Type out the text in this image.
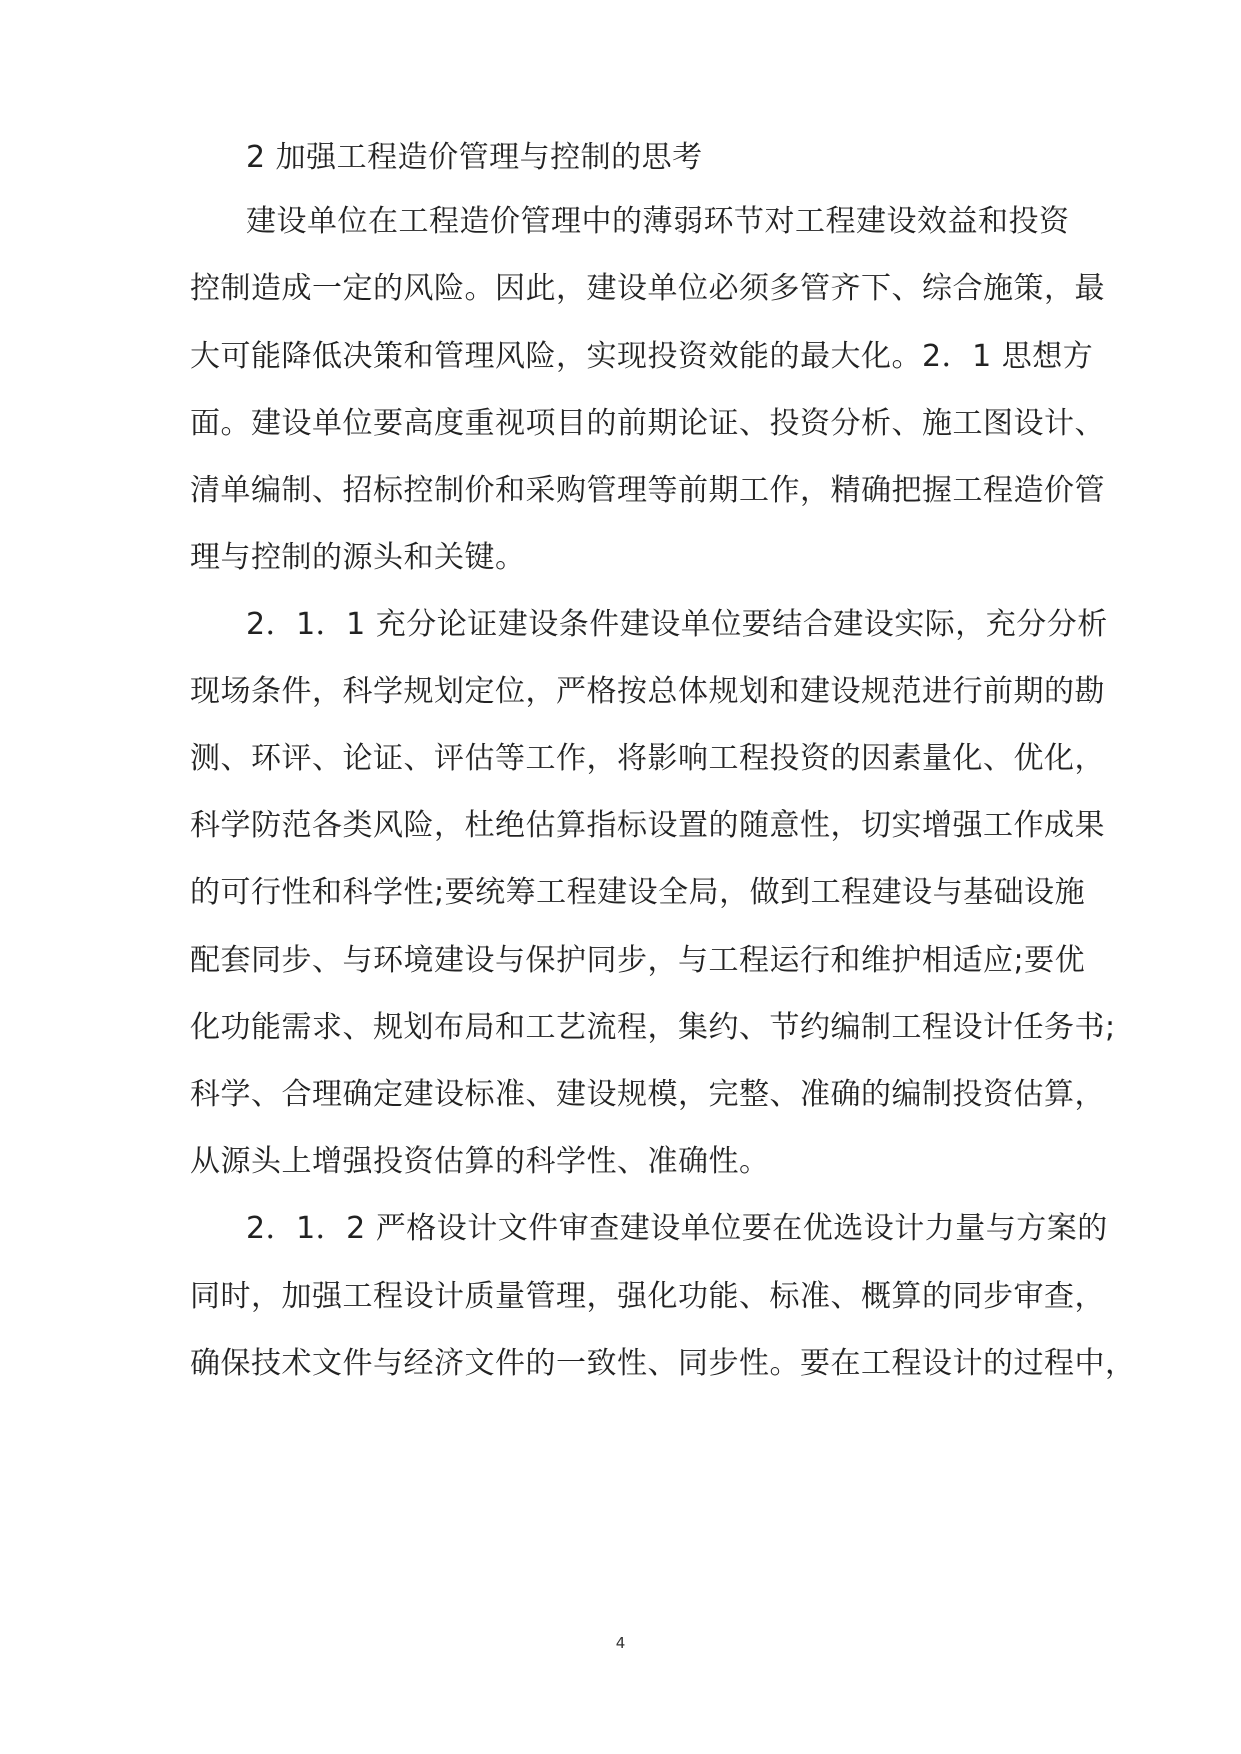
2 加强工程造价管理与控制的思考
建设单位在工程造价管理中的薄弱环节对工程建设效益和投资
控制造成一定的风险。因此，建设单位必须多管齐下、综合施策，最
大可能降低决策和管理风险，实现投资效能的最大化。2．1 思想方
面。建设单位要高度重视项目的前期论证、投资分析、施工图设计、
清单编制、招标控制价和采购管理等前期工作，精确把握工程造价管
理与控制的源头和关键。
2．1．1 充分论证建设条件建设单位要结合建设实际，充分分析
现场条件，科学规划定位，严格按总体规划和建设规范进行前期的勘
测、环评、论证、评估等工作，将影响工程投资的因素量化、优化，
科学防范各类风险，杜绝估算指标设置的随意性，切实增强工作成果
的可行性和科学性;要统筹工程建设全局，做到工程建设与基础设施
配套同步、与环境建设与保护同步，与工程运行和维护相适应;要优
化功能需求、规划布局和工艺流程，集约、节约编制工程设计任务书;
科学、合理确定建设标准、建设规模，完整、准确的编制投资估算，
从源头上增强投资估算的科学性、准确性。
2．1．2 严格设计文件审查建设单位要在优选设计力量与方案的
同时，加强工程设计质量管理，强化功能、标准、概算的同步审查，
确保技术文件与经济文件的一致性、同步性。要在工程设计的过程中，
4
